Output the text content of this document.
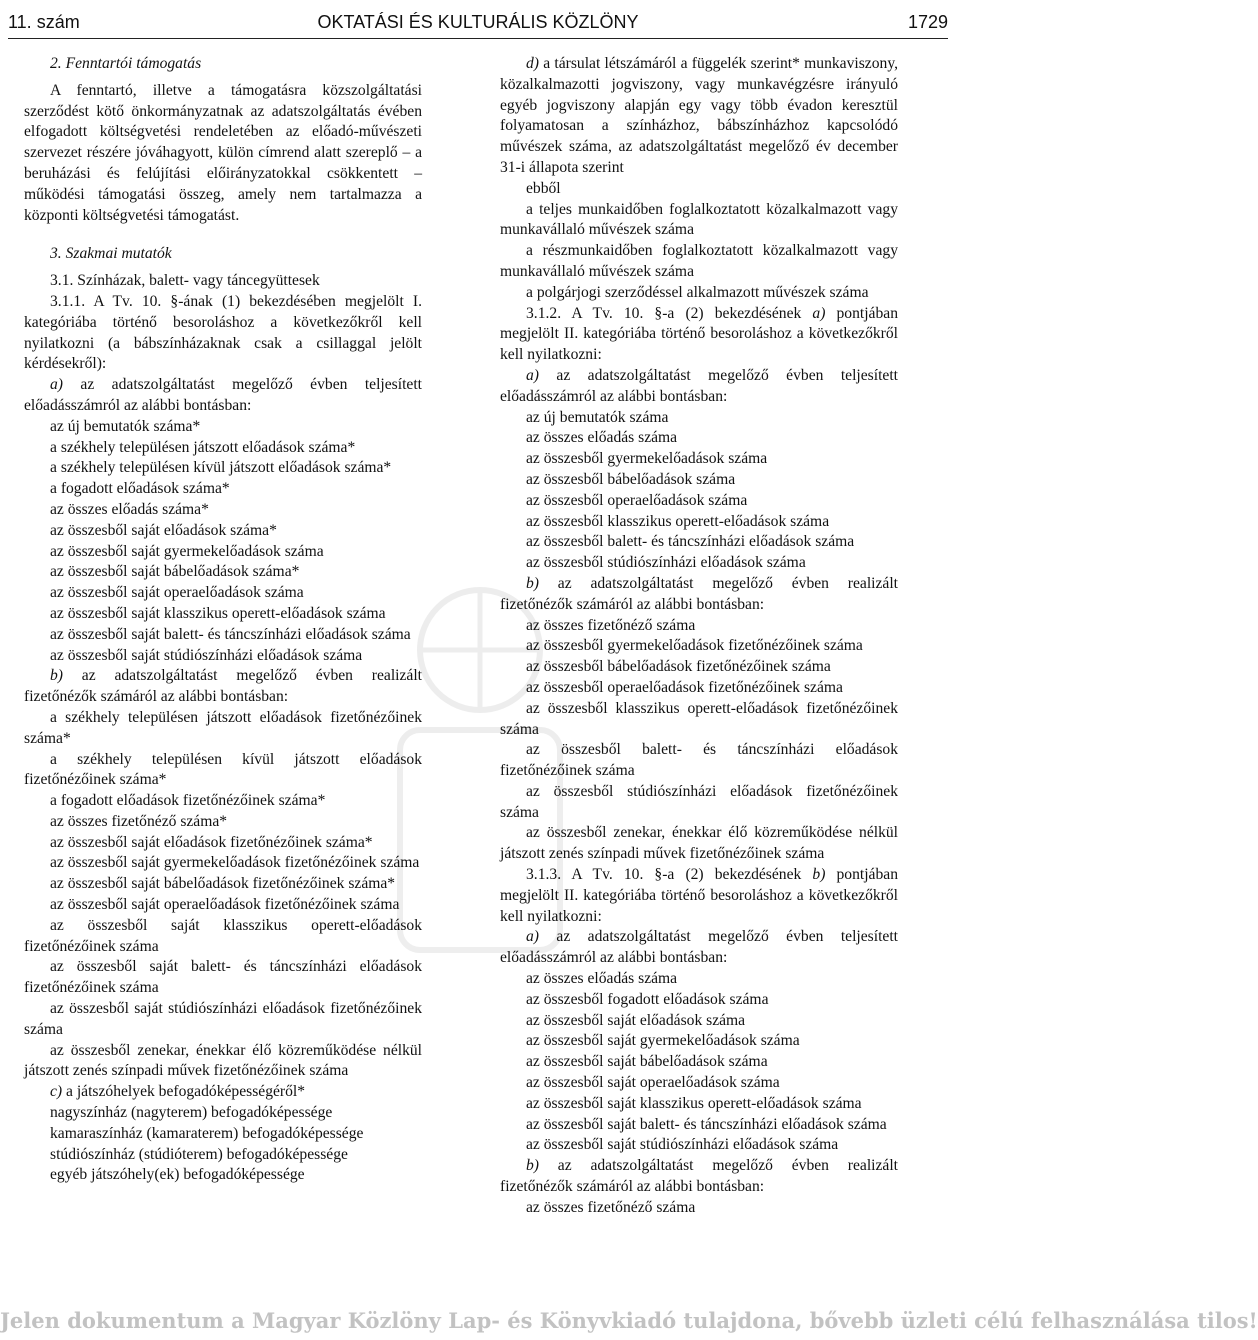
11. szám	OKTATÁSI ÉS KULTURÁLIS KÖZLÖNY	1729

2. Fenntartói támogatás

A fenntartó, illetve a támogatásra közszolgáltatási szerződést kötő önkormányzatnak az adatszolgáltatás évében elfogadott költségvetési rendeletében az előadó-művészeti szervezet részére jóváhagyott, külön címrend alatt szereplő – a beruházási és felújítási előirányzatokkal csökkentett – működési támogatási összeg, amely nem tartalmazza a központi költségvetési támogatást.

3. Szakmai mutatók

3.1. Színházak, balett- vagy táncegyüttesek

3.1.1. A Tv. 10. §-ának (1) bekezdésében megjelölt I. kategóriába történő besoroláshoz a következőkről kell nyilatkozni (a bábszínházaknak csak a csillaggal jelölt kérdésekről):

a) az adatszolgáltatást megelőző évben teljesített előadásszámról az alábbi bontásban:

az új bemutatók száma*

a székhely településen játszott előadások száma*

a székhely településen kívül játszott előadások száma*

a fogadott előadások száma*

az összes előadás száma*

az összesből saját előadások száma*

az összesből saját gyermekelőadások száma

az összesből saját bábelőadások száma*

az összesből saját operaelőadások száma

az összesből saját klasszikus operett-előadások száma

az összesből saját balett- és táncszínházi előadások száma

az összesből saját stúdiószínházi előadások száma

b) az adatszolgáltatást megelőző évben realizált fizetőnézők számáról az alábbi bontásban:

a székhely településen játszott előadások fizetőnézőinek száma*

a székhely településen kívül játszott előadások fizetőnézőinek száma*

a fogadott előadások fizetőnézőinek száma*

az összes fizetőnéző száma*

az összesből saját előadások fizetőnézőinek száma*

az összesből saját gyermekelőadások fizetőnézőinek száma

az összesből saját bábelőadások fizetőnézőinek száma*

az összesből saját operaelőadások fizetőnézőinek száma

az összesből saját klasszikus operett-előadások fizetőnézőinek száma

az összesből saját balett- és táncszínházi előadások fizetőnézőinek száma

az összesből saját stúdiószínházi előadások fizetőnézőinek száma

az összesből zenekar, énekkar élő közreműködése nélkül játszott zenés színpadi művek fizetőnézőinek száma

c) a játszóhelyek befogadóképességéről*

nagyszínház (nagyterem) befogadóképessége

kamaraszínház (kamaraterem) befogadóképessége

stúdiószínház (stúdióterem) befogadóképessége

egyéb játszóhely(ek) befogadóképessége

d) a társulat létszámáról a függelék szerint* munkaviszony, közalkalmazotti jogviszony, vagy munkavégzésre irányuló egyéb jogviszony alapján egy vagy több évadon keresztül folyamatosan a színházhoz, bábszínházhoz kapcsolódó művészek száma, az adatszolgáltatást megelőző év december 31-i állapota szerint

ebből

a teljes munkaidőben foglalkoztatott közalkalmazott vagy munkavállaló művészek száma

a részmunkaidőben foglalkoztatott közalkalmazott vagy munkavállaló művészek száma

a polgárjogi szerződéssel alkalmazott művészek száma

3.1.2. A Tv. 10. §-a (2) bekezdésének a) pontjában megjelölt II. kategóriába történő besoroláshoz a következőkről kell nyilatkozni:

a) az adatszolgáltatást megelőző évben teljesített előadásszámról az alábbi bontásban:

az új bemutatók száma

az összes előadás száma

az összesből gyermekelőadások száma

az összesből bábelőadások száma

az összesből operaelőadások száma

az összesből klasszikus operett-előadások száma

az összesből balett- és táncszínházi előadások száma

az összesből stúdiószínházi előadások száma

b) az adatszolgáltatást megelőző évben realizált fizetőnézők számáról az alábbi bontásban:

az összes fizetőnéző száma

az összesből gyermekelőadások fizetőnézőinek száma

az összesből bábelőadások fizetőnézőinek száma

az összesből operaelőadások fizetőnézőinek száma

az összesből klasszikus operett-előadások fizetőnézőinek száma

az összesből balett- és táncszínházi előadások fizetőnézőinek száma

az összesből stúdiószínházi előadások fizetőnézőinek száma

az összesből zenekar, énekkar élő közreműködése nélkül játszott zenés színpadi művek fizetőnézőinek száma

3.1.3. A Tv. 10. §-a (2) bekezdésének b) pontjában megjelölt II. kategóriába történő besoroláshoz a következőkről kell nyilatkozni:

a) az adatszolgáltatást megelőző évben teljesített előadásszámról az alábbi bontásban:

az összes előadás száma

az összesből fogadott előadások száma

az összesből saját előadások száma

az összesből saját gyermekelőadások száma

az összesből saját bábelőadások száma

az összesből saját operaelőadások száma

az összesből saját klasszikus operett-előadások száma

az összesből saját balett- és táncszínházi előadások száma

az összesből saját stúdiószínházi előadások száma

b) az adatszolgáltatást megelőző évben realizált fizetőnézők számáról az alábbi bontásban:

az összes fizetőnéző száma

Jelen dokumentum a Magyar Közlöny Lap- és Könyvkiadó tulajdona, bővebb üzleti célú felhasználása tilos!
